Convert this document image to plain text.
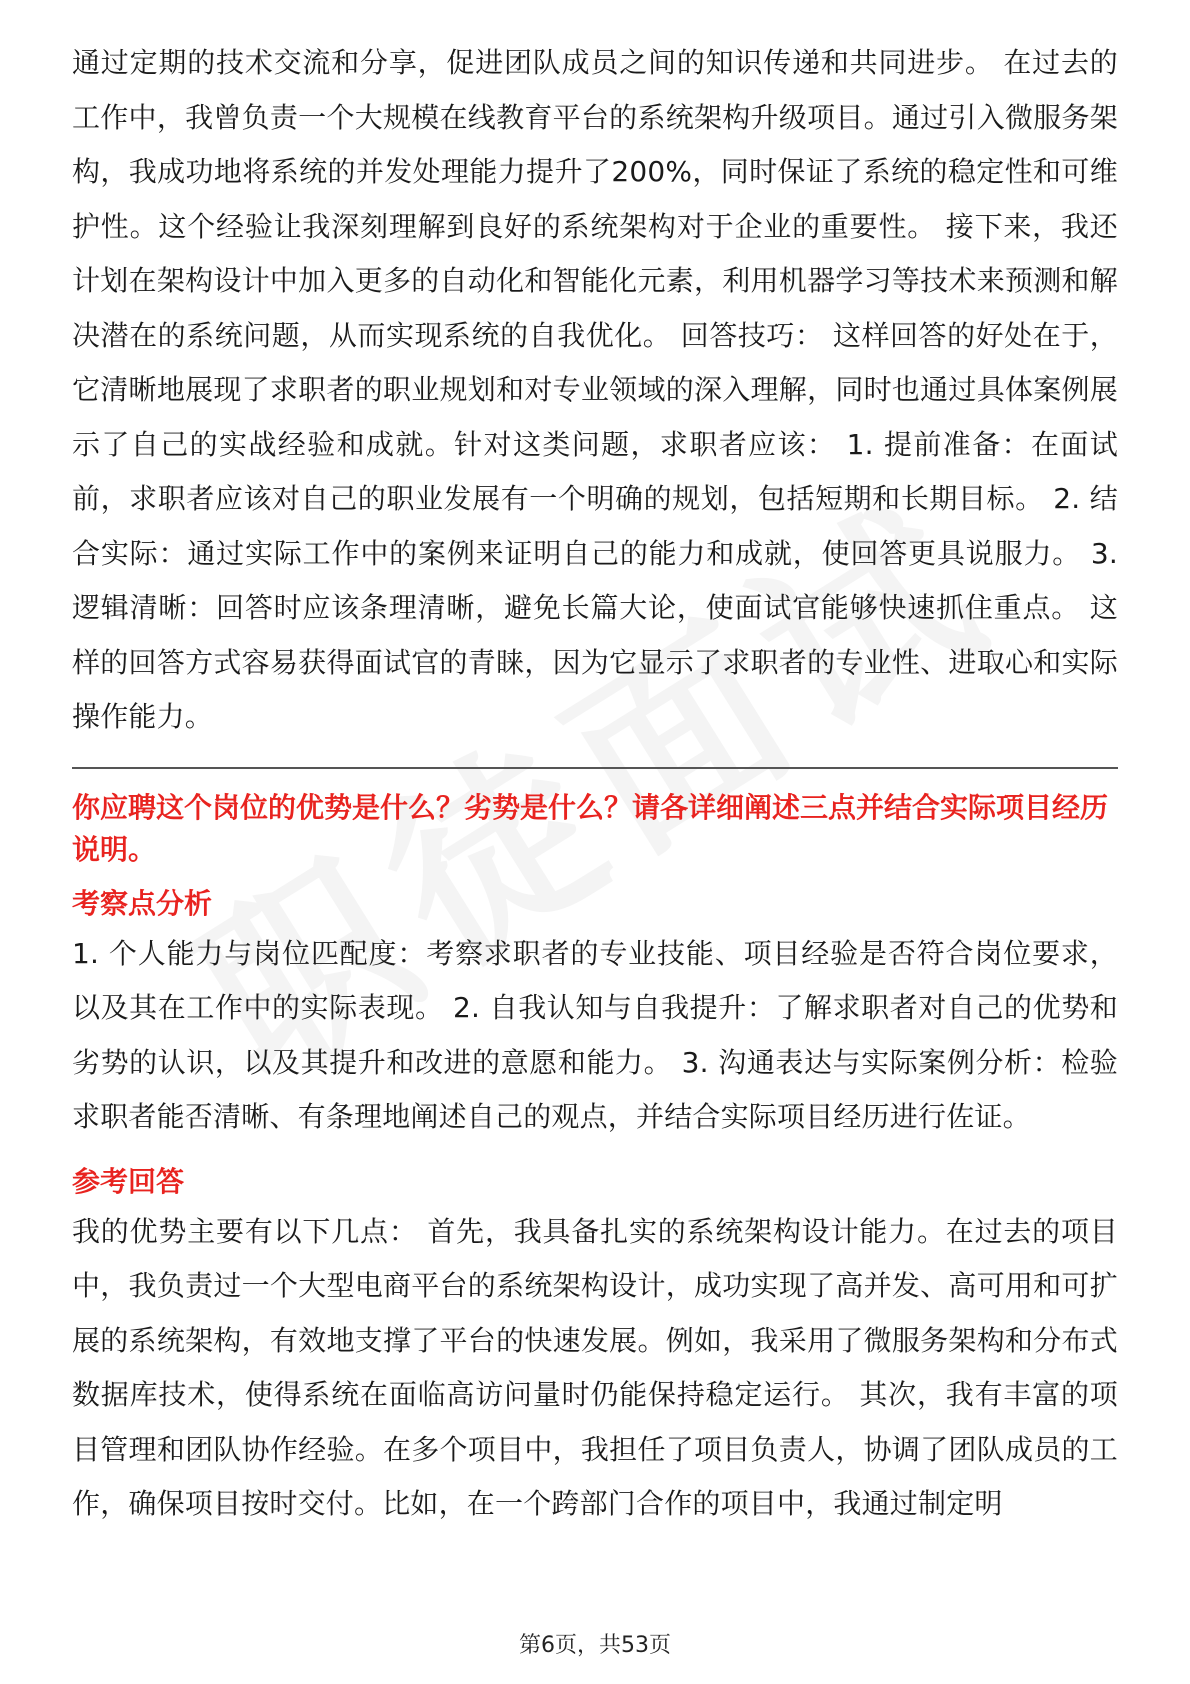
通过定期的技术交流和分享，促进团队成员之间的知识传递和共同进步。 在过去的工作中，我曾负责一个大规模在线教育平台的系统架构升级项目。通过引入微服务架构，我成功地将系统的并发处理能力提升了200%，同时保证了系统的稳定性和可维护性。这个经验让我深刻理解到良好的系统架构对于企业的重要性。 接下来，我还计划在架构设计中加入更多的自动化和智能化元素，利用机器学习等技术来预测和解决潜在的系统问题，从而实现系统的自我优化。 回答技巧： 这样回答的好处在于，它清晰地展现了求职者的职业规划和对专业领域的深入理解，同时也通过具体案例展示了自己的实战经验和成就。针对这类问题，求职者应该： 1. 提前准备：在面试前，求职者应该对自己的职业发展有一个明确的规划，包括短期和长期目标。 2. 结合实际：通过实际工作中的案例来证明自己的能力和成就，使回答更具说服力。 3. 逻辑清晰：回答时应该条理清晰，避免长篇大论，使面试官能够快速抓住重点。 这样的回答方式容易获得面试官的青睐，因为它显示了求职者的专业性、进取心和实际操作能力。

你应聘这个岗位的优势是什么？劣势是什么？请各详细阐述三点并结合实际项目经历说明。

考察点分析

1. 个人能力与岗位匹配度：考察求职者的专业技能、项目经验是否符合岗位要求，以及其在工作中的实际表现。 2. 自我认知与自我提升：了解求职者对自己的优势和劣势的认识，以及其提升和改进的意愿和能力。 3. 沟通表达与实际案例分析：检验求职者能否清晰、有条理地阐述自己的观点，并结合实际项目经历进行佐证。

参考回答

我的优势主要有以下几点： 首先，我具备扎实的系统架构设计能力。在过去的项目中，我负责过一个大型电商平台的系统架构设计，成功实现了高并发、高可用和可扩展的系统架构，有效地支撑了平台的快速发展。例如，我采用了微服务架构和分布式数据库技术，使得系统在面临高访问量时仍能保持稳定运行。 其次，我有丰富的项目管理和团队协作经验。在多个项目中，我担任了项目负责人，协调了团队成员的工作，确保项目按时交付。比如，在一个跨部门合作的项目中，我通过制定明

第6页，共53页
